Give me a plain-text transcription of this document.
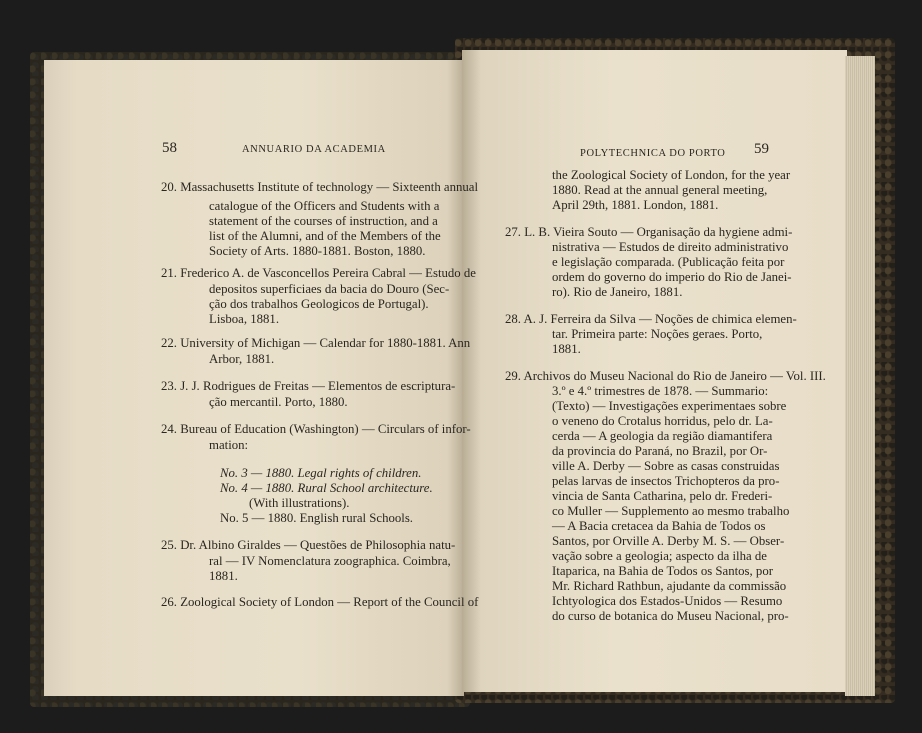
58	ANNUARIO DA ACADEMIA
20. Massachusetts Institute of technology — Sixteenth annual
catalogue of the Officers and Students with a
statement of the courses of instruction, and a
list of the Alumni, and of the Members of the
Society of Arts. 1880-1881. Boston, 1880.
21. Frederico A. de Vasconcellos Pereira Cabral — Estudo de
depositos superficiaes da bacia do Douro (Sec-
ção dos trabalhos Geologicos de Portugal).
Lisboa, 1881.
22. University of Michigan — Calendar for 1880-1881. Ann
Arbor, 1881.
23. J. J. Rodrigues de Freitas — Elementos de escriptura-
ção mercantil. Porto, 1880.
24. Bureau of Education (Washington) — Circulars of infor-
mation:
No. 3 — 1880. Legal rights of children.
No. 4 — 1880. Rural School architecture.
(With illustrations).
No. 5 — 1880. English rural Schools.
25. Dr. Albino Giraldes — Questões de Philosophia natu-
ral — IV Nomenclatura zoographica. Coimbra,
1881.
26. Zoological Society of London — Report of the Council of
POLYTECHNICA DO PORTO 59
the Zoological Society of London, for the year
1880. Read at the annual general meeting,
April 29th, 1881. London, 1881.
27. L. B. Vieira Souto — Organisação da hygiene admi-
nistrativa — Estudos de direito administrativo
e legislação comparada. (Publicação feita por
ordem do governo do imperio do Rio de Janei-
ro). Rio de Janeiro, 1881.
28. A. J. Ferreira da Silva — Noções de chimica elemen-
tar. Primeira parte: Noções geraes. Porto,
1881.
29. Archivos do Museu Nacional do Rio de Janeiro — Vol. III.
3.º e 4.º trimestres de 1878. — Summario:
(Texto) — Investigações experimentaes sobre
o veneno do Crotalus horridus, pelo dr. La-
cerda — A geologia da região diamantifera
da provincia do Paraná, no Brazil, por Or-
ville A. Derby — Sobre as casas construidas
pelas larvas de insectos Trichopteros da pro-
vincia de Santa Catharina, pelo dr. Frederi-
co Muller — Supplemento ao mesmo trabalho
— A Bacia cretacea da Bahia de Todos os
Santos, por Orville A. Derby M. S. — Obser-
vação sobre a geologia; aspecto da ilha de
Itaparica, na Bahia de Todos os Santos, por
Mr. Richard Rathbun, ajudante da commissão
Ichtyologica dos Estados-Unidos — Resumo
do curso de botanica do Museu Nacional, pro-
